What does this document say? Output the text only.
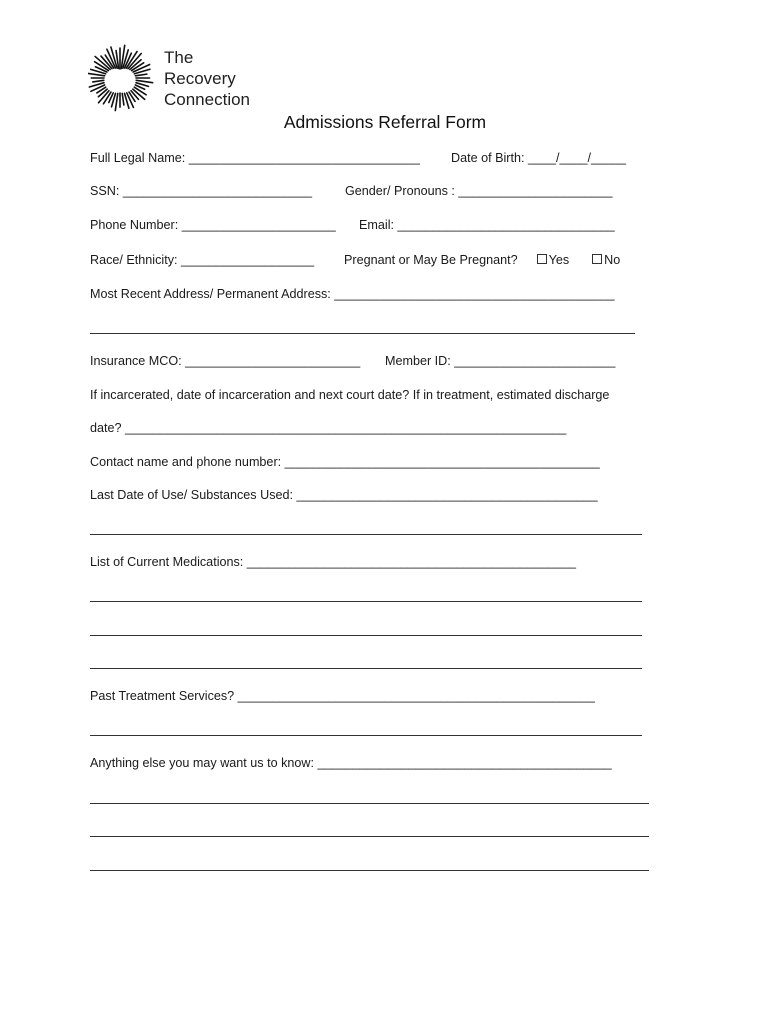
The
Recovery
Connection
Admissions Referral Form
Full Legal Name: _________________________________ Date of Birth: ____/____/_____
SSN: ___________________________	Gender/ Pronouns : ______________________
Phone Number: ______________________ Email: _______________________________
Race/ Ethnicity: ___________________ Pregnant or May Be Pregnant? Yes	No
Most Recent Address/ Permanent Address: ________________________________________
Insurance MCO: _________________________ Member ID: _______________________
If incarcerated, date of incarceration and next court date? If in treatment, estimated discharge
date? _______________________________________________________________
Contact name and phone number: _____________________________________________
Last Date of Use/ Substances Used: ___________________________________________
List of Current Medications: _______________________________________________
Past Treatment Services? ___________________________________________________
Anything else you may want us to know: __________________________________________
